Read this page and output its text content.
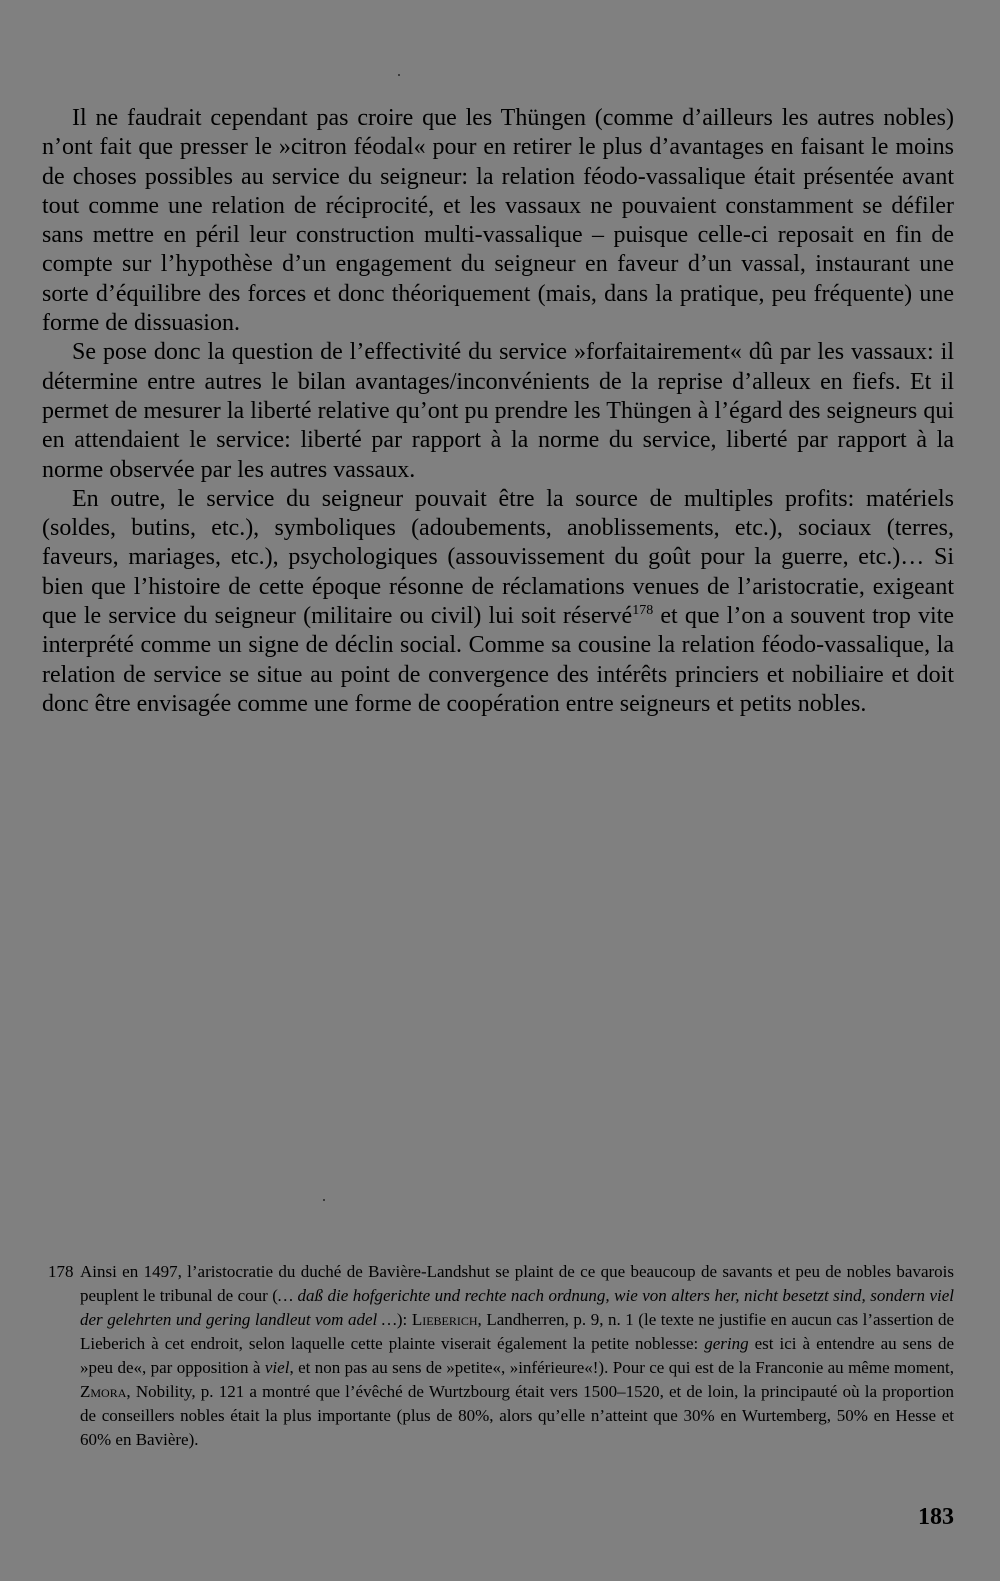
Il ne faudrait cependant pas croire que les Thüngen (comme d’ailleurs les autres nobles) n’ont fait que presser le »citron féodal« pour en retirer le plus d’avantages en faisant le moins de choses possibles au service du seigneur: la relation féodo-vassalique était présentée avant tout comme une relation de réciprocité, et les vassaux ne pouvaient constamment se défiler sans mettre en péril leur construction multi-vassalique – puisque celle-ci reposait en fin de compte sur l’hypothèse d’un engagement du seigneur en faveur d’un vassal, instaurant une sorte d’équilibre des forces et donc théoriquement (mais, dans la pratique, peu fréquente) une forme de dissuasion.

Se pose donc la question de l’effectivité du service »forfaitairement« dû par les vassaux: il détermine entre autres le bilan avantages/inconvénients de la reprise d’alleux en fiefs. Et il permet de mesurer la liberté relative qu’ont pu prendre les Thüngen à l’égard des seigneurs qui en attendaient le service: liberté par rapport à la norme du service, liberté par rapport à la norme observée par les autres vassaux.

En outre, le service du seigneur pouvait être la source de multiples profits: matériels (soldes, butins, etc.), symboliques (adoubements, anoblissements, etc.), sociaux (terres, faveurs, mariages, etc.), psychologiques (assouvissement du goût pour la guerre, etc.)… Si bien que l’histoire de cette époque résonne de réclamations venues de l’aristocratie, exigeant que le service du seigneur (militaire ou civil) lui soit réservé$^{178}$ et que l’on a souvent trop vite interprété comme un signe de déclin social. Comme sa cousine la relation féodo-vassalique, la relation de service se situe au point de convergence des intérêts princiers et nobiliaire et doit donc être envisagée comme une forme de coopération entre seigneurs et petits nobles.

178 Ainsi en 1497, l’aristocratie du duché de Bavière-Landshut se plaint de ce que beaucoup de savants et peu de nobles bavarois peuplent le tribunal de cour (… daß die hofgerichte und rechte nach ordnung, wie von alters her, nicht besetzt sind, sondern viel der gelehrten und gering landleut vom adel …): Lieberich, Landherren, p. 9, n. 1 (le texte ne justifie en aucun cas l’assertion de Lieberich à cet endroit, selon laquelle cette plainte viserait également la petite noblesse: gering est ici à entendre au sens de »peu de«, par opposition à viel, et non pas au sens de »petite«, »inférieure«!). Pour ce qui est de la Franconie au même moment, Zmora, Nobility, p. 121 a montré que l’évêché de Wurtzbourg était vers 1500–1520, et de loin, la principauté où la proportion de conseillers nobles était la plus importante (plus de 80%, alors qu’elle n’atteint que 30% en Wurtemberg, 50% en Hesse et 60% en Bavière).

183
